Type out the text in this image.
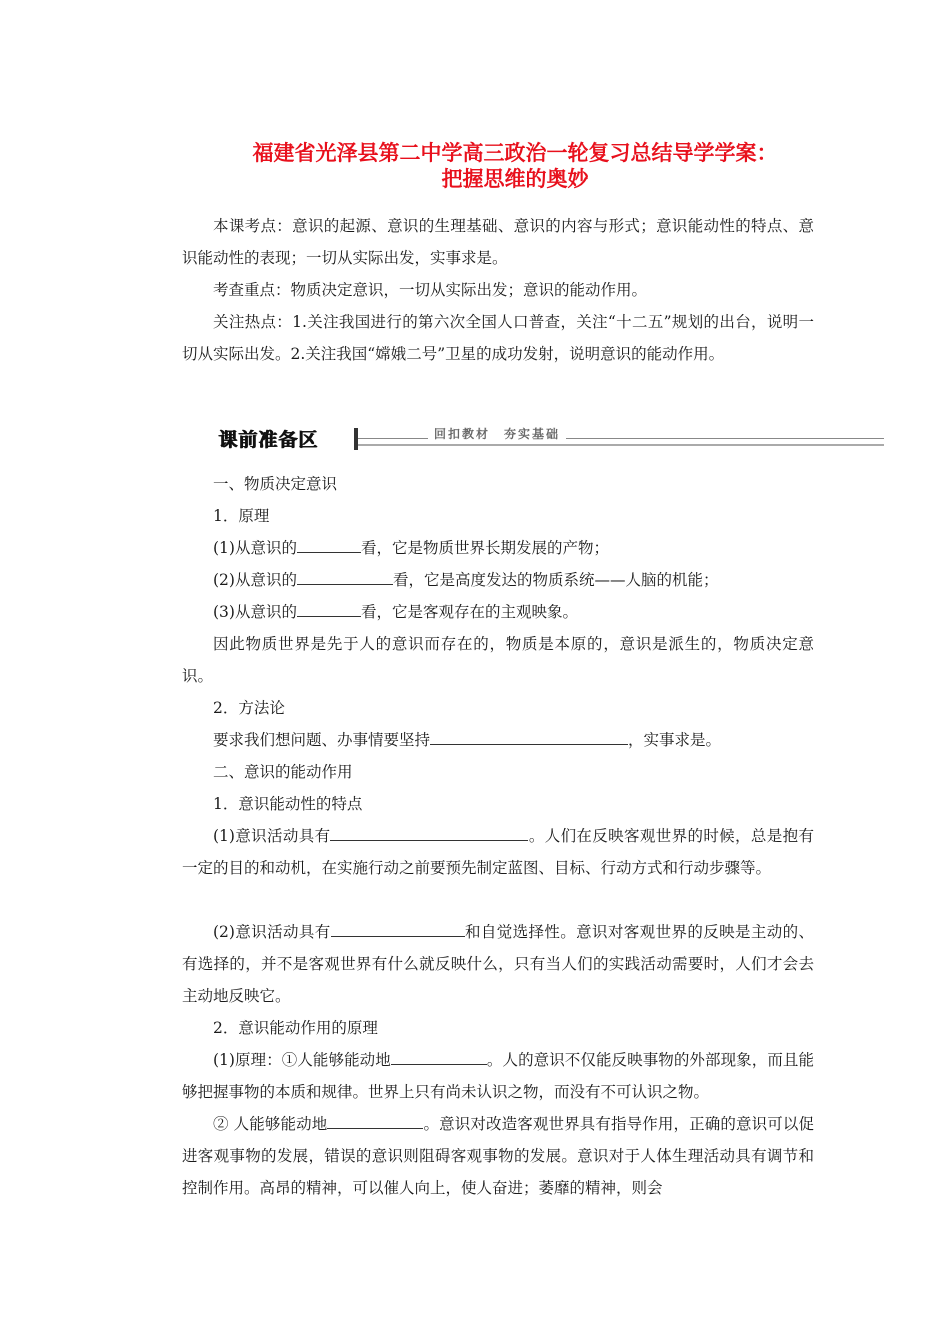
福建省光泽县第二中学高三政治一轮复习总结导学学案：
把握思维的奥妙

本课考点：意识的起源、意识的生理基础、意识的内容与形式；意识能动性的特点、意识能动性的表现；一切从实际出发，实事求是。

考查重点：物质决定意识，一切从实际出发；意识的能动作用。

关注热点：1.关注我国进行的第六次全国人口普查，关注“十二五”规划的出台，说明一切从实际出发。2.关注我国“嫦娥二号”卫星的成功发射，说明意识的能动作用。

课前准备区	回扣教材　夯实基础

一、物质决定意识

1．原理

(1)从意识的	看，它是物质世界长期发展的产物；

(2)从意识的	看，它是高度发达的物质系统——人脑的机能；

(3)从意识的	看，它是客观存在的主观映象。

因此物质世界是先于人的意识而存在的，物质是本原的，意识是派生的，物质决定意识。

2．方法论

要求我们想问题、办事情要坚持	，实事求是。

二、意识的能动作用

1．意识能动性的特点

(1)意识活动具有	。人们在反映客观世界的时候，总是抱有一定的目的和动机，在实施行动之前要预先制定蓝图、目标、行动方式和行动步骤等。

(2)意识活动具有	和自觉选择性。意识对客观世界的反映是主动的、有选择的，并不是客观世界有什么就反映什么，只有当人们的实践活动需要时，人们才会去主动地反映它。

2．意识能动作用的原理

(1)原理：①人能够能动地	。人的意识不仅能反映事物的外部现象，而且能够把握事物的本质和规律。世界上只有尚未认识之物，而没有不可认识之物。

② 人能够能动地	。意识对改造客观世界具有指导作用，正确的意识可以促进客观事物的发展，错误的意识则阻碍客观事物的发展。意识对于人体生理活动具有调节和控制作用。高昂的精神，可以催人向上，使人奋进；萎靡的精神，则会
